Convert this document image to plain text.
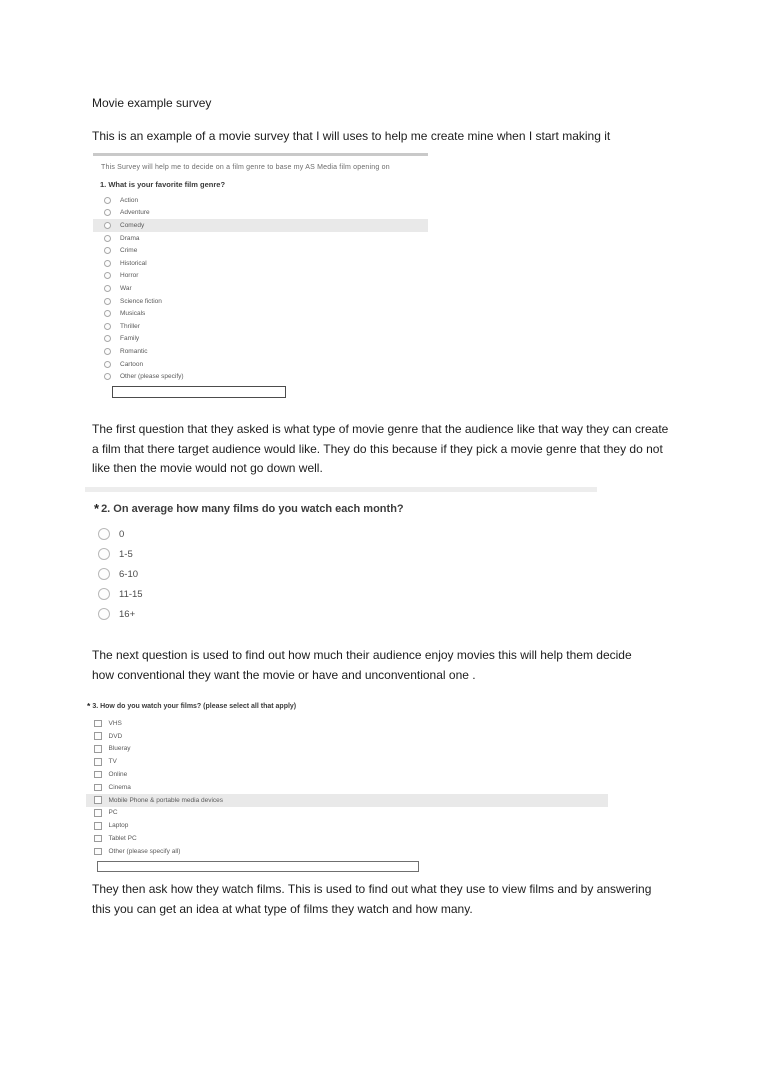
Movie example survey
This is an example of a movie survey that I will uses to help me create mine when I start making it
This Survey will help me to decide on a film genre to base my AS Media film opening on
1. What is your favorite film genre?
Action
Adventure
Comedy
Drama
Crime
Historical
Horror
War
Science fiction
Musicals
Thriller
Family
Romantic
Cartoon
Other (please specify)
The first question that they asked is what type of movie genre that the audience like that way they can create a film that there target audience would like. They do this because if they pick a movie genre that they do not like then the movie would not go down well.
* 2. On average how many films do you watch each month?
0
1-5
6-10
11-15
16+
The next question is used to find out how much their audience enjoy movies this will help them decide how conventional they want the movie or have and unconventional one .
* 3. How do you watch your films? (please select all that apply)
VHS
DVD
Blueray
TV
Online
Cinema
Mobile Phone & portable media devices
PC
Laptop
Tablet PC
Other (please specify all)
They then ask how they watch films. This is used to find out what they use to view films and by answering this you can get an idea at what type of films they watch and how many.
